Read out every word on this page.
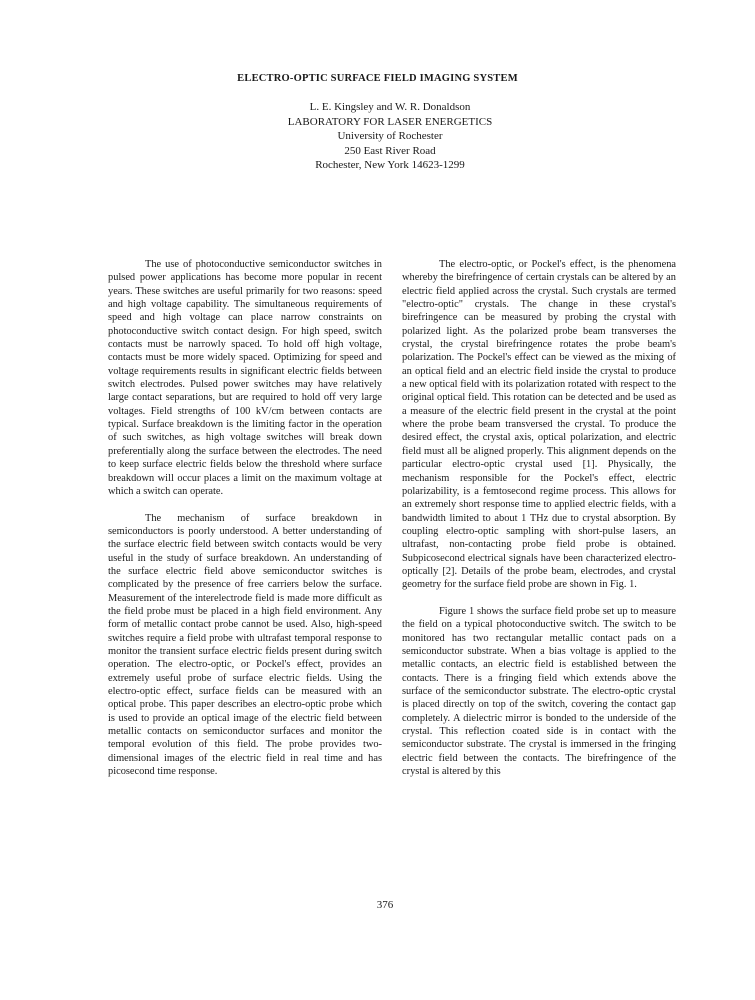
ELECTRO-OPTIC SURFACE FIELD IMAGING SYSTEM
L. E. Kingsley and W. R. Donaldson
LABORATORY FOR LASER ENERGETICS
University of Rochester
250 East River Road
Rochester, New York 14623-1299

The use of photoconductive semiconductor switches in pulsed power applications has become more popular in recent years. These switches are useful primarily for two reasons: speed and high voltage capability. The simultaneous requirements of speed and high voltage can place narrow constraints on photoconductive switch contact design. For high speed, switch contacts must be narrowly spaced. To hold off high voltage, contacts must be more widely spaced. Optimizing for speed and voltage requirements results in significant electric fields between switch electrodes. Pulsed power switches may have relatively large contact separations, but are required to hold off very large voltages. Field strengths of 100 kV/cm between contacts are typical. Surface breakdown is the limiting factor in the operation of such switches, as high voltage switches will break down preferentially along the surface between the electrodes. The need to keep surface electric fields below the threshold where surface breakdown will occur places a limit on the maximum voltage at which a switch can operate.

The mechanism of surface breakdown in semiconductors is poorly understood. A better understanding of the surface electric field between switch contacts would be very useful in the study of surface breakdown. An understanding of the surface electric field above semiconductor switches is complicated by the presence of free carriers below the surface. Measurement of the interelectrode field is made more difficult as the field probe must be placed in a high field environment. Any form of metallic contact probe cannot be used. Also, high-speed switches require a field probe with ultrafast temporal response to monitor the transient surface electric fields present during switch operation. The electro-optic, or Pockel's effect, provides an extremely useful probe of surface electric fields. Using the electro-optic effect, surface fields can be measured with an optical probe. This paper describes an electro-optic probe which is used to provide an optical image of the electric field between metallic contacts on semiconductor surfaces and monitor the temporal evolution of this field. The probe provides two-dimensional images of the electric field in real time and has picosecond time response.

The electro-optic, or Pockel's effect, is the phenomena whereby the birefringence of certain crystals can be altered by an electric field applied across the crystal. Such crystals are termed "electro-optic" crystals. The change in these crystal's birefringence can be measured by probing the crystal with polarized light. As the polarized probe beam transverses the crystal, the crystal birefringence rotates the probe beam's polarization. The Pockel's effect can be viewed as the mixing of an optical field and an electric field inside the crystal to produce a new optical field with its polarization rotated with respect to the original optical field. This rotation can be detected and be used as a measure of the electric field present in the crystal at the point where the probe beam transversed the crystal. To produce the desired effect, the crystal axis, optical polarization, and electric field must all be aligned properly. This alignment depends on the particular electro-optic crystal used [1]. Physically, the mechanism responsible for the Pockel's effect, electric polarizability, is a femtosecond regime process. This allows for an extremely short response time to applied electric fields, with a bandwidth limited to about 1 THz due to crystal absorption. By coupling electro-optic sampling with short-pulse lasers, an ultrafast, non-contacting probe field probe is obtained. Subpicosecond electrical signals have been characterized electro-optically [2]. Details of the probe beam, electrodes, and crystal geometry for the surface field probe are shown in Fig. 1.

Figure 1 shows the surface field probe set up to measure the field on a typical photoconductive switch. The switch to be monitored has two rectangular metallic contact pads on a semiconductor substrate. When a bias voltage is applied to the metallic contacts, an electric field is established between the contacts. There is a fringing field which extends above the surface of the semiconductor substrate. The electro-optic crystal is placed directly on top of the switch, covering the contact gap completely. A dielectric mirror is bonded to the underside of the crystal. This reflection coated side is in contact with the semiconductor substrate. The crystal is immersed in the fringing electric field between the contacts. The birefringence of the crystal is altered by this

376
